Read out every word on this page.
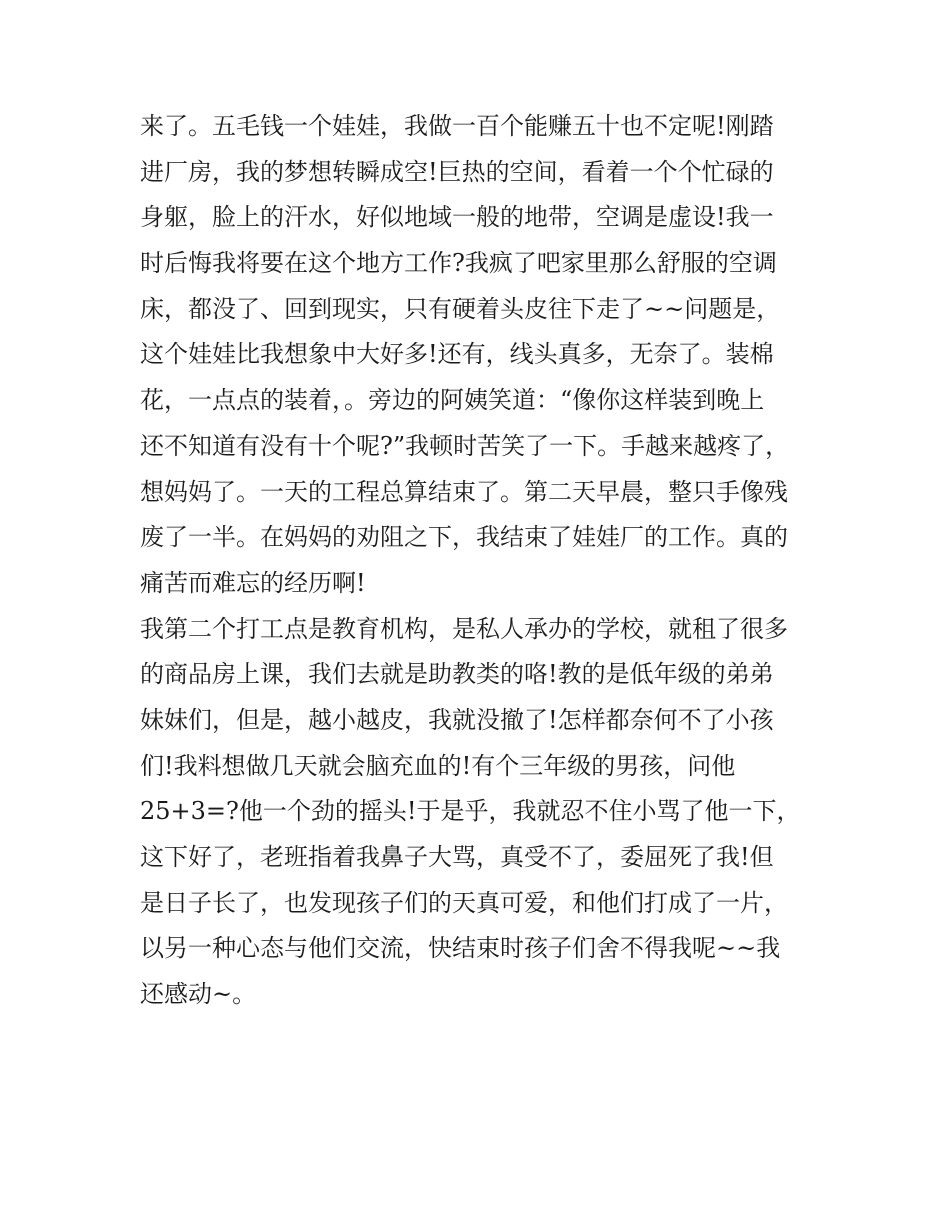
来了。五毛钱一个娃娃，我做一百个能赚五十也不定呢!刚踏
进厂房，我的梦想转瞬成空!巨热的空间，看着一个个忙碌的
身躯，脸上的汗水，好似地域一般的地带，空调是虚设!我一
时后悔我将要在这个地方工作?我疯了吧家里那么舒服的空调
床，都没了、回到现实，只有硬着头皮往下走了~~问题是，
这个娃娃比我想象中大好多!还有，线头真多，无奈了。装棉
花，一点点的装着，。旁边的阿姨笑道：“像你这样装到晚上
还不知道有没有十个呢?”我顿时苦笑了一下。手越来越疼了，
想妈妈了。一天的工程总算结束了。第二天早晨，整只手像残
废了一半。在妈妈的劝阻之下，我结束了娃娃厂的工作。真的
痛苦而难忘的经历啊!
我第二个打工点是教育机构，是私人承办的学校，就租了很多
的商品房上课，我们去就是助教类的咯!教的是低年级的弟弟
妹妹们，但是，越小越皮，我就没撤了!怎样都奈何不了小孩
们!我料想做几天就会脑充血的!有个三年级的男孩，问他
25+3=?他一个劲的摇头!于是乎，我就忍不住小骂了他一下，
这下好了，老班指着我鼻子大骂，真受不了，委屈死了我!但
是日子长了，也发现孩子们的天真可爱，和他们打成了一片，
以另一种心态与他们交流，快结束时孩子们舍不得我呢~~我
还感动~。
